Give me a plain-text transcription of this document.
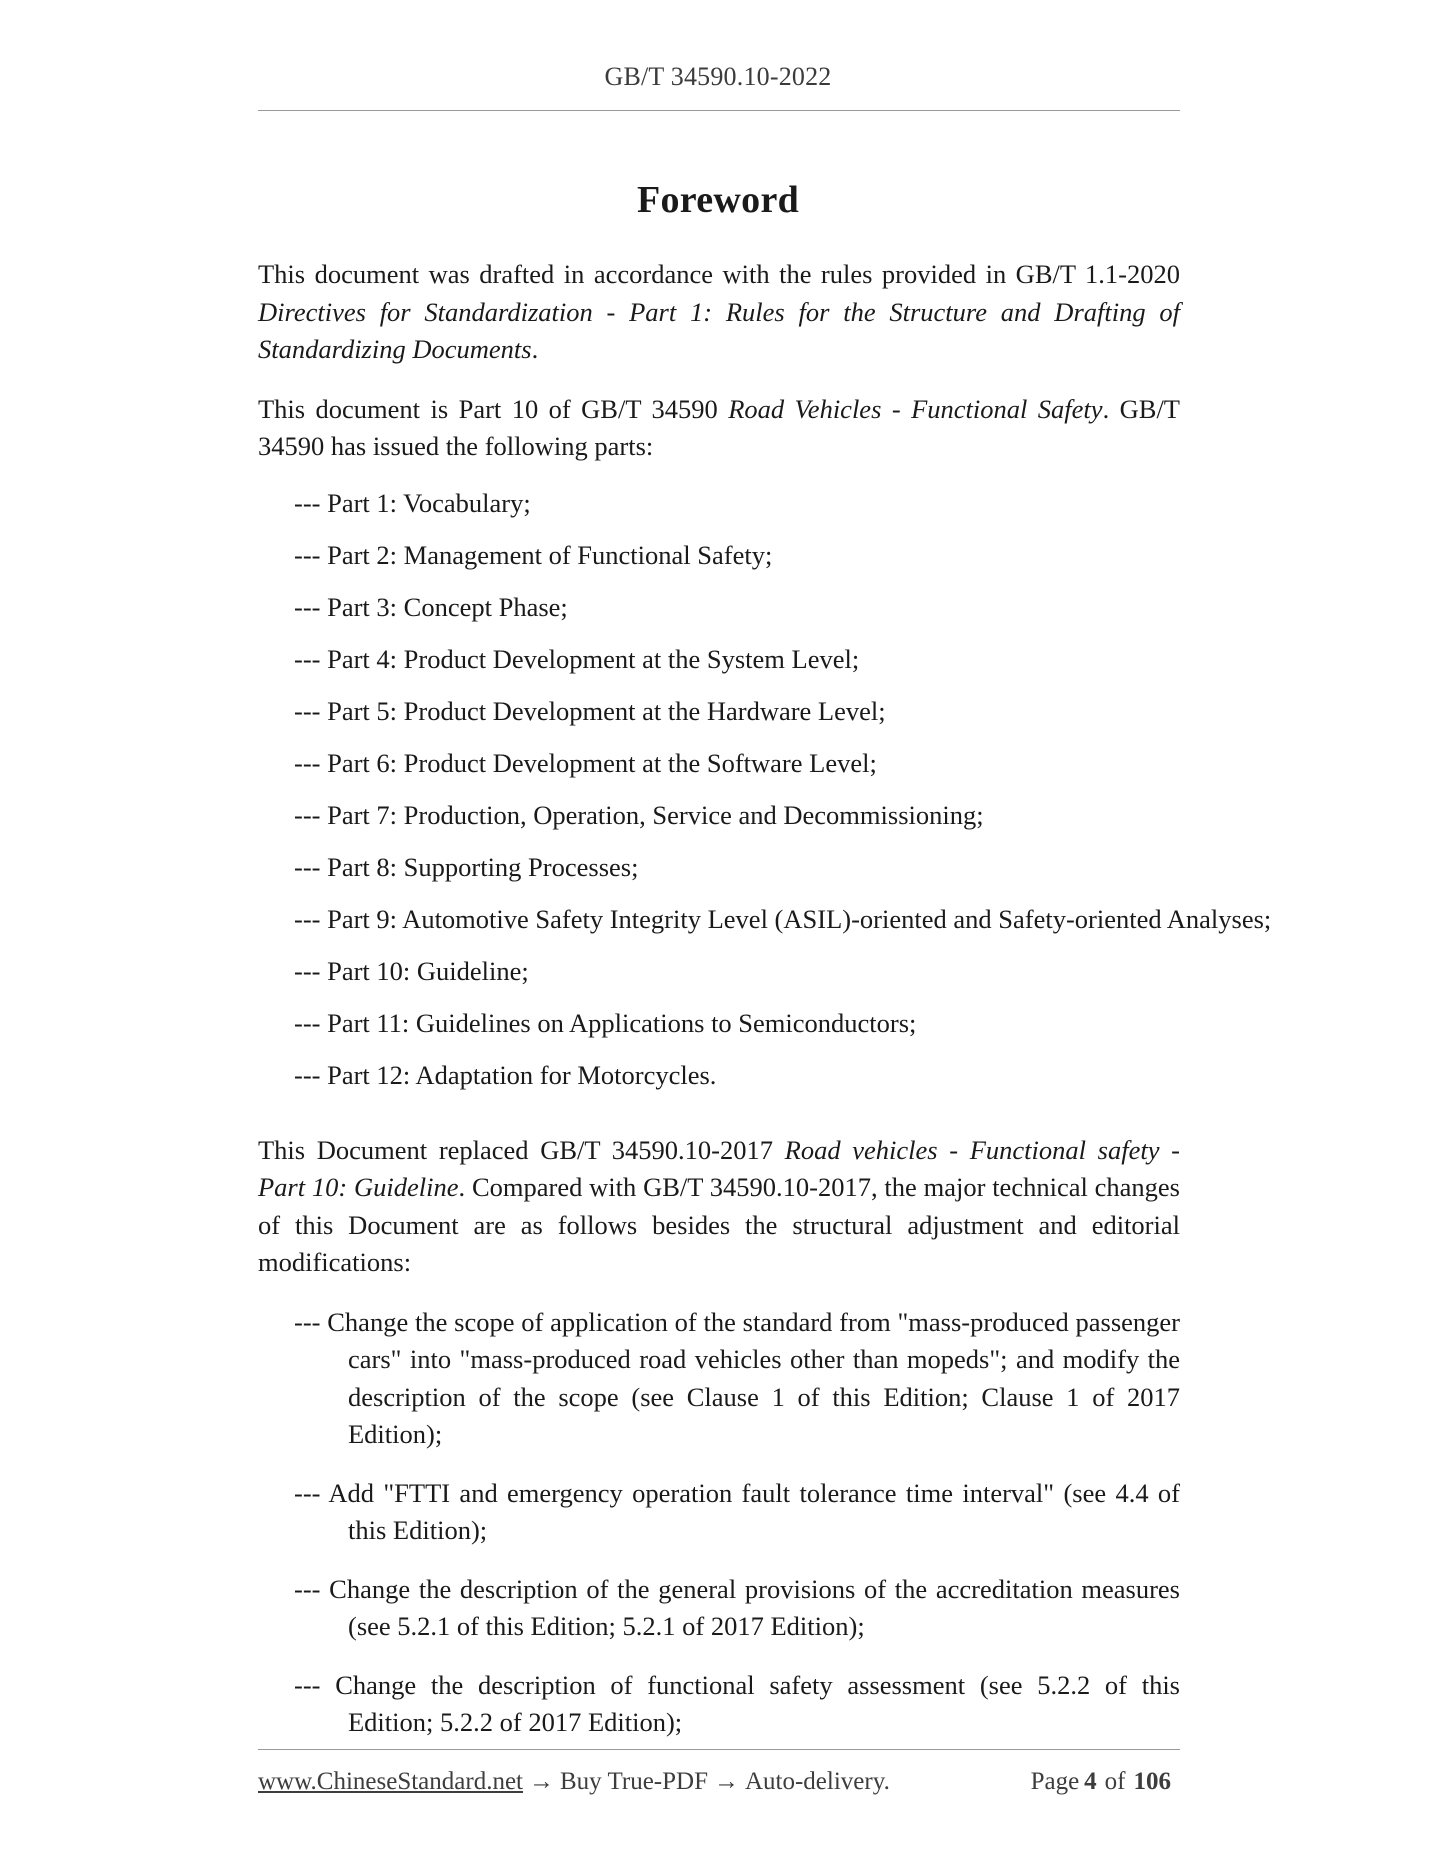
GB/T 34590.10-2022
Foreword

This document was drafted in accordance with the rules provided in GB/T 1.1-2020 Directives for Standardization - Part 1: Rules for the Structure and Drafting of Standardizing Documents.

This document is Part 10 of GB/T 34590 Road Vehicles - Functional Safety. GB/T 34590 has issued the following parts:

--- Part 1: Vocabulary;
--- Part 2: Management of Functional Safety;
--- Part 3: Concept Phase;
--- Part 4: Product Development at the System Level;
--- Part 5: Product Development at the Hardware Level;
--- Part 6: Product Development at the Software Level;
--- Part 7: Production, Operation, Service and Decommissioning;
--- Part 8: Supporting Processes;
--- Part 9: Automotive Safety Integrity Level (ASIL)-oriented and Safety-oriented Analyses;
--- Part 10: Guideline;
--- Part 11: Guidelines on Applications to Semiconductors;
--- Part 12: Adaptation for Motorcycles.

This Document replaced GB/T 34590.10-2017 Road vehicles - Functional safety - Part 10: Guideline. Compared with GB/T 34590.10-2017, the major technical changes of this Document are as follows besides the structural adjustment and editorial modifications:

--- Change the scope of application of the standard from "mass-produced passenger cars" into "mass-produced road vehicles other than mopeds"; and modify the description of the scope (see Clause 1 of this Edition; Clause 1 of 2017 Edition);
--- Add "FTTI and emergency operation fault tolerance time interval" (see 4.4 of this Edition);
--- Change the description of the general provisions of the accreditation measures (see 5.2.1 of this Edition; 5.2.1 of 2017 Edition);
--- Change the description of functional safety assessment (see 5.2.2 of this Edition; 5.2.2 of 2017 Edition);
www.ChineseStandard.net → Buy True-PDF → Auto-delivery.	Page 4 of 106
